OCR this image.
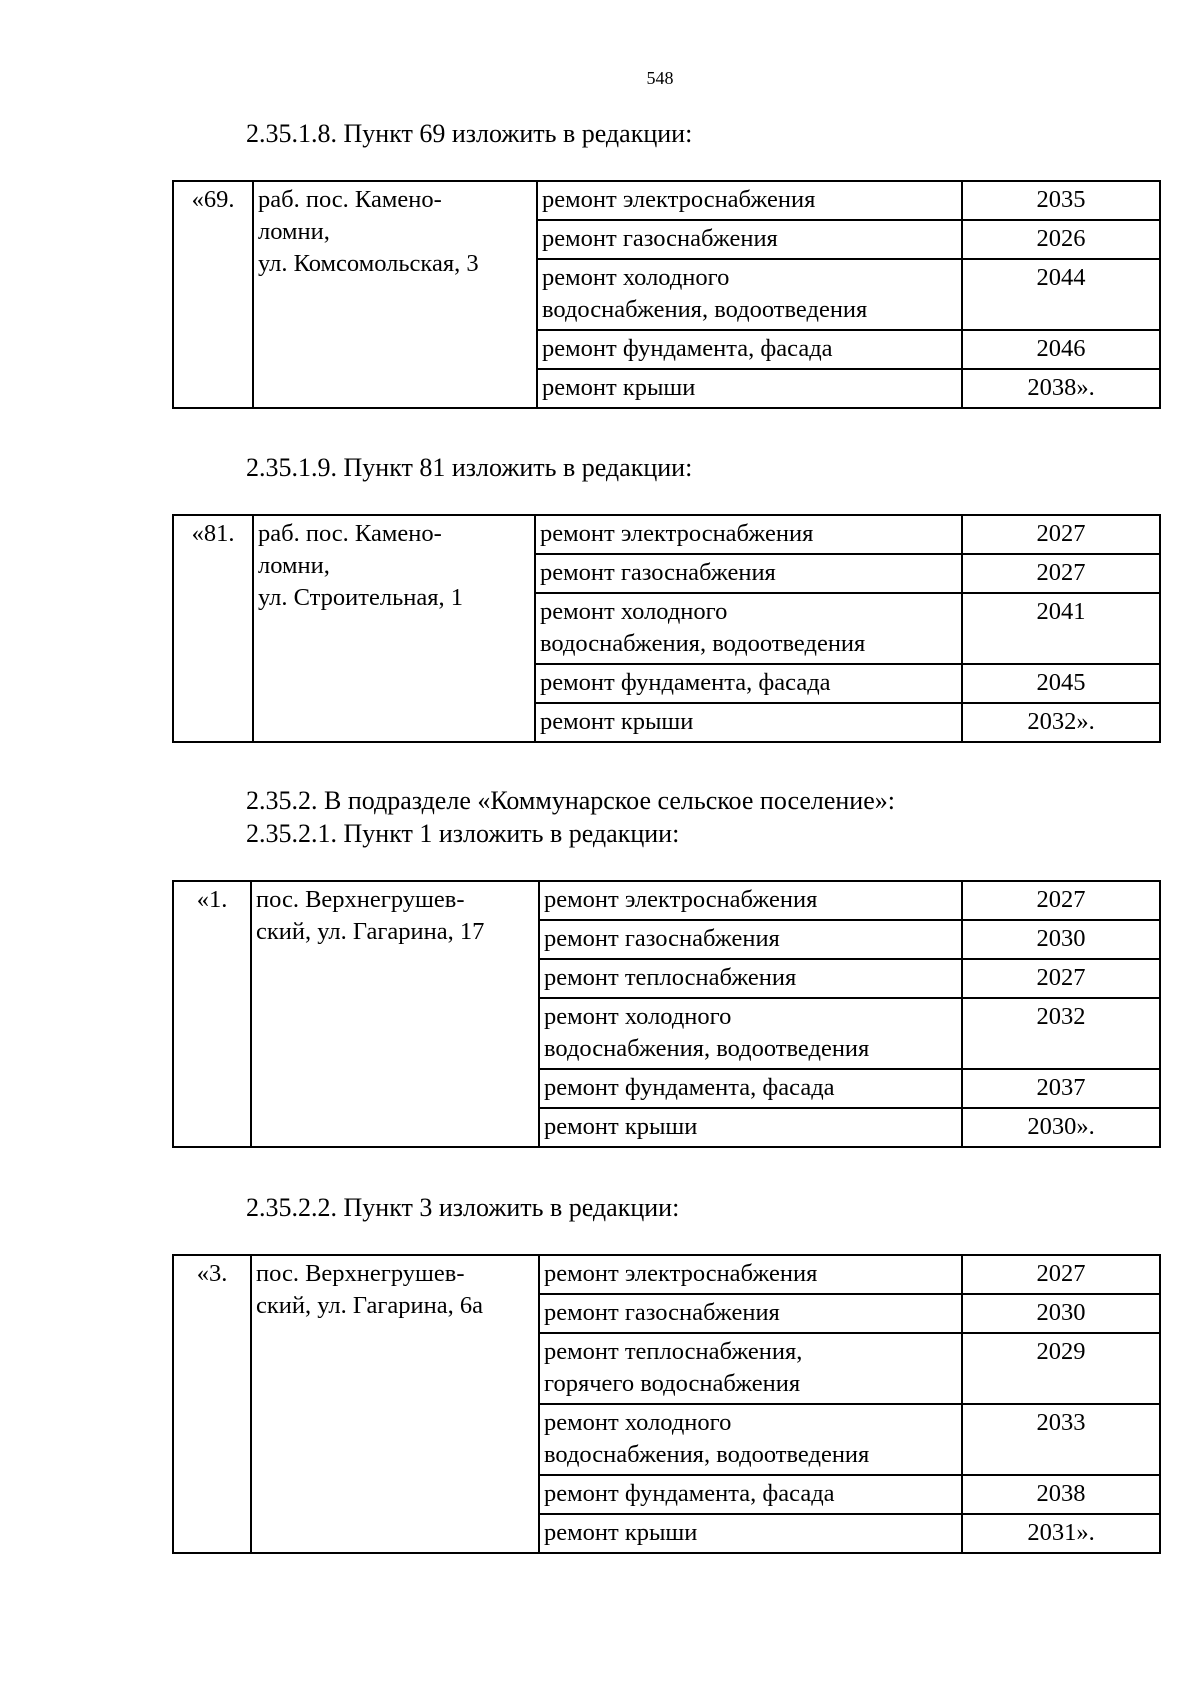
548

2.35.1.8. Пункт 69 изложить в редакции:

«69.	раб. пос. Камено-
ломни,
ул. Комсомольская, 3	ремонт электроснабжения	2035
		ремонт газоснабжения	2026
		ремонт холодного
водоснабжения, водоотведения	2044
		ремонт фундамента, фасада	2046
		ремонт крыши	2038».

2.35.1.9. Пункт 81 изложить в редакции:

«81.	раб. пос. Камено-
ломни,
ул. Строительная, 1	ремонт электроснабжения	2027
		ремонт газоснабжения	2027
		ремонт холодного
водоснабжения, водоотведения	2041
		ремонт фундамента, фасада	2045
		ремонт крыши	2032».

2.35.2. В подразделе «Коммунарское сельское поселение»:

2.35.2.1. Пункт 1 изложить в редакции:

«1.	пос. Верхнегрушев-
ский, ул. Гагарина, 17	ремонт электроснабжения	2027
		ремонт газоснабжения	2030
		ремонт теплоснабжения	2027
		ремонт холодного
водоснабжения, водоотведения	2032
		ремонт фундамента, фасада	2037
		ремонт крыши	2030».

2.35.2.2. Пункт 3 изложить в редакции:

«3.	пос. Верхнегрушев-
ский, ул. Гагарина, 6а	ремонт электроснабжения	2027
		ремонт газоснабжения	2030
		ремонт теплоснабжения,
горячего водоснабжения	2029
		ремонт холодного
водоснабжения, водоотведения	2033
		ремонт фундамента, фасада	2038
		ремонт крыши	2031».
